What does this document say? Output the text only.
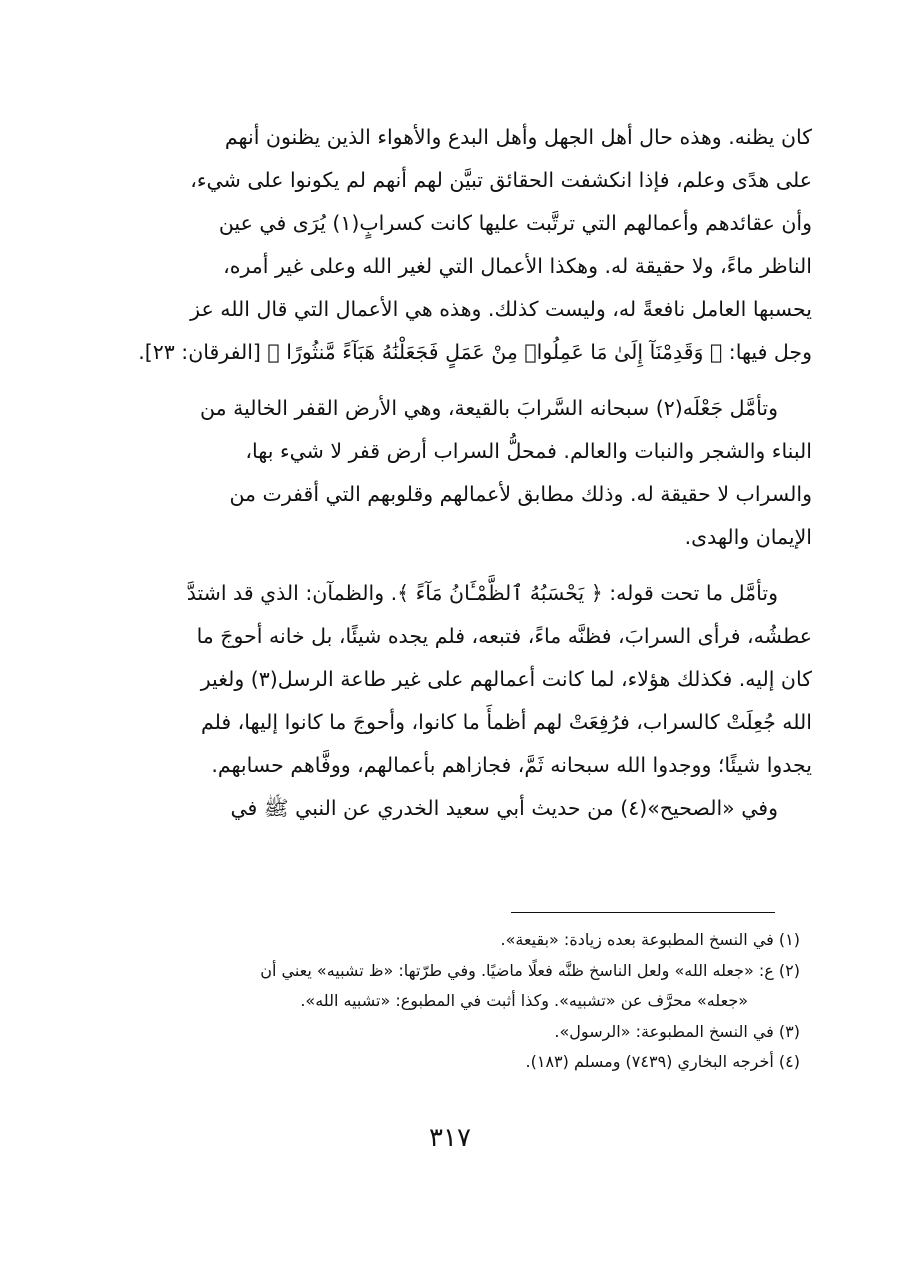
كان يظنه. وهذه حال أهل الجهل وأهل البدع والأهواء الذين يظنون أنهم
على هدًى وعلم، فإذا انكشفت الحقائق تبيَّن لهم أنهم لم يكونوا على شيء،
وأن عقائدهم وأعمالهم التي ترتَّبت عليها كانت كسرابٍ(١) يُرَى في عين
الناظر ماءً، ولا حقيقة له. وهكذا الأعمال التي لغير الله وعلى غير أمره،
يحسبها العامل نافعةً له، وليست كذلك. وهذه هي الأعمال التي قال الله عز
وجل فيها: ﴿ وَقَدِمْنَآ إِلَىٰ مَا عَمِلُوا۟ مِنْ عَمَلٍ فَجَعَلْنَٰهُ هَبَآءً مَّنثُورًا ﴾ [الفرقان: ٢٣].
وتأمَّل جَعْلَه(٢) سبحانه السَّرابَ بالقيعة، وهي الأرض القفر الخالية من
البناء والشجر والنبات والعالم. فمحلُّ السراب أرض قفر لا شيء بها،
والسراب لا حقيقة له. وذلك مطابق لأعمالهم وقلوبهم التي أقفرت من
الإيمان والهدى.
وتأمَّل ما تحت قوله: ﴿ يَحْسَبُهُ ٱلظَّمْـَٔانُ مَآءً ﴾. والظمآن: الذي قد اشتدَّ
عطشُه، فرأى السرابَ، فظنَّه ماءً، فتبعه، فلم يجده شيئًا، بل خانه أحوجَ ما
كان إليه. فكذلك هؤلاء، لما كانت أعمالهم على غير طاعة الرسل(٣) ولغير
الله جُعِلَتْ كالسراب، فرُفِعَتْ لهم أظمأَ ما كانوا، وأحوجَ ما كانوا إليها، فلم
يجدوا شيئًا؛ ووجدوا الله سبحانه ثَمَّ، فجازاهم بأعمالهم، ووفَّاهم حسابهم.
وفي «الصحيح»(٤) من حديث أبي سعيد الخدري عن النبي ﷺ في
(١) في النسخ المطبوعة بعده زيادة: «بقيعة».
(٢) ع: «جعله الله» ولعل الناسخ ظنَّه فعلًا ماضيًا. وفي طرّتها: «ظ تشبيه» يعني أن
«جعله» محرَّف عن «تشبيه». وكذا أثبت في المطبوع: «تشبيه الله».
(٣) في النسخ المطبوعة: «الرسول».
(٤) أخرجه البخاري (٧٤٣٩) ومسلم (١٨٣).
٣١٧
